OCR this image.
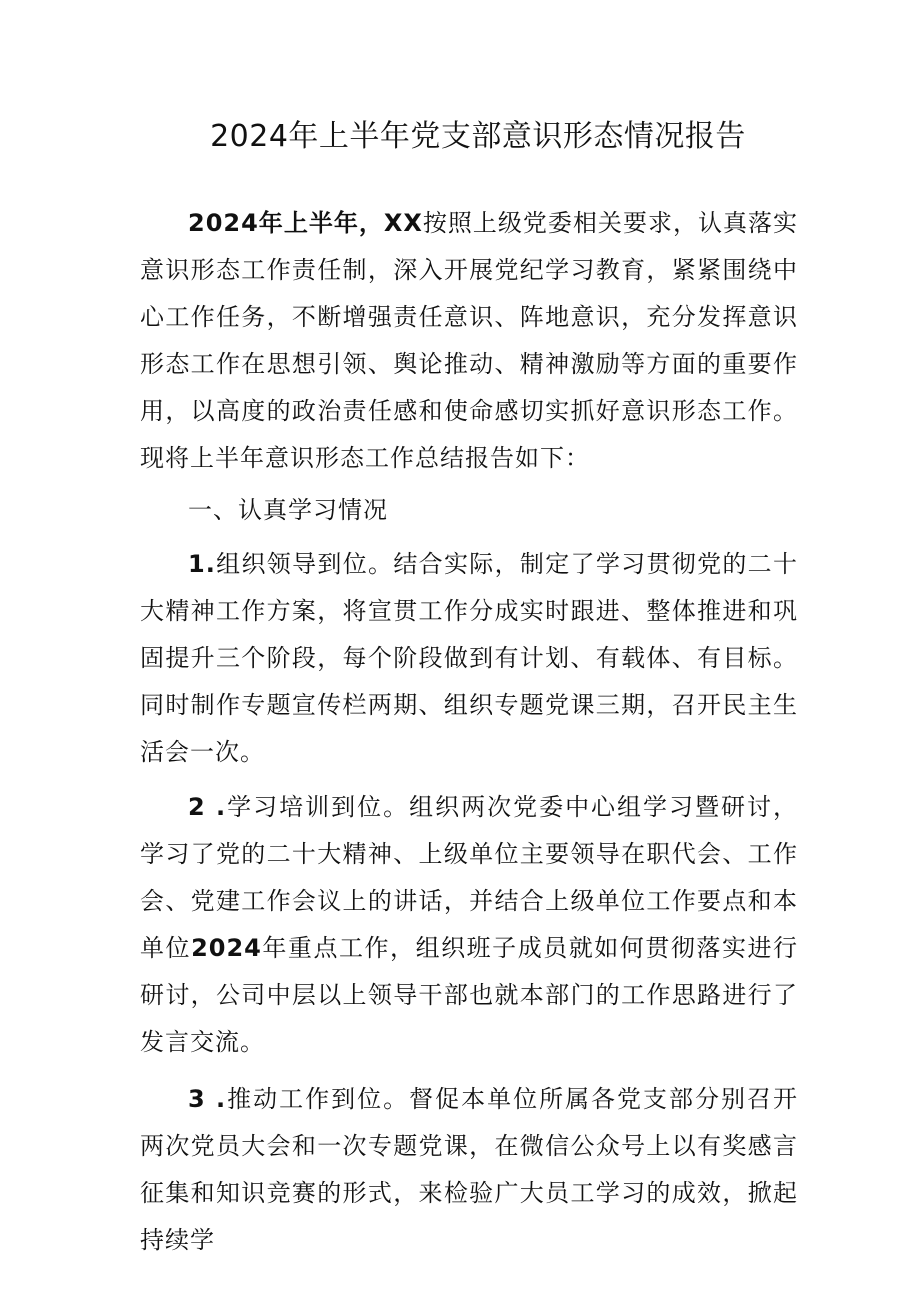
2024年上半年党支部意识形态情况报告

2024年上半年，XX按照上级党委相关要求，认真落实意识形态工作责任制，深入开展党纪学习教育，紧紧围绕中心工作任务，不断增强责任意识、阵地意识，充分发挥意识形态工作在思想引领、舆论推动、精神激励等方面的重要作用，以高度的政治责任感和使命感切实抓好意识形态工作。现将上半年意识形态工作总结报告如下：

一、认真学习情况

1.组织领导到位。结合实际，制定了学习贯彻党的二十大精神工作方案，将宣贯工作分成实时跟进、整体推进和巩固提升三个阶段，每个阶段做到有计划、有载体、有目标。同时制作专题宣传栏两期、组织专题党课三期，召开民主生活会一次。

2 .学习培训到位。组织两次党委中心组学习暨研讨，学习了党的二十大精神、上级单位主要领导在职代会、工作会、党建工作会议上的讲话，并结合上级单位工作要点和本单位2024年重点工作，组织班子成员就如何贯彻落实进行研讨，公司中层以上领导干部也就本部门的工作思路进行了发言交流。

3 .推动工作到位。督促本单位所属各党支部分别召开两次党员大会和一次专题党课，在微信公众号上以有奖感言征集和知识竞赛的形式，来检验广大员工学习的成效，掀起持续学
